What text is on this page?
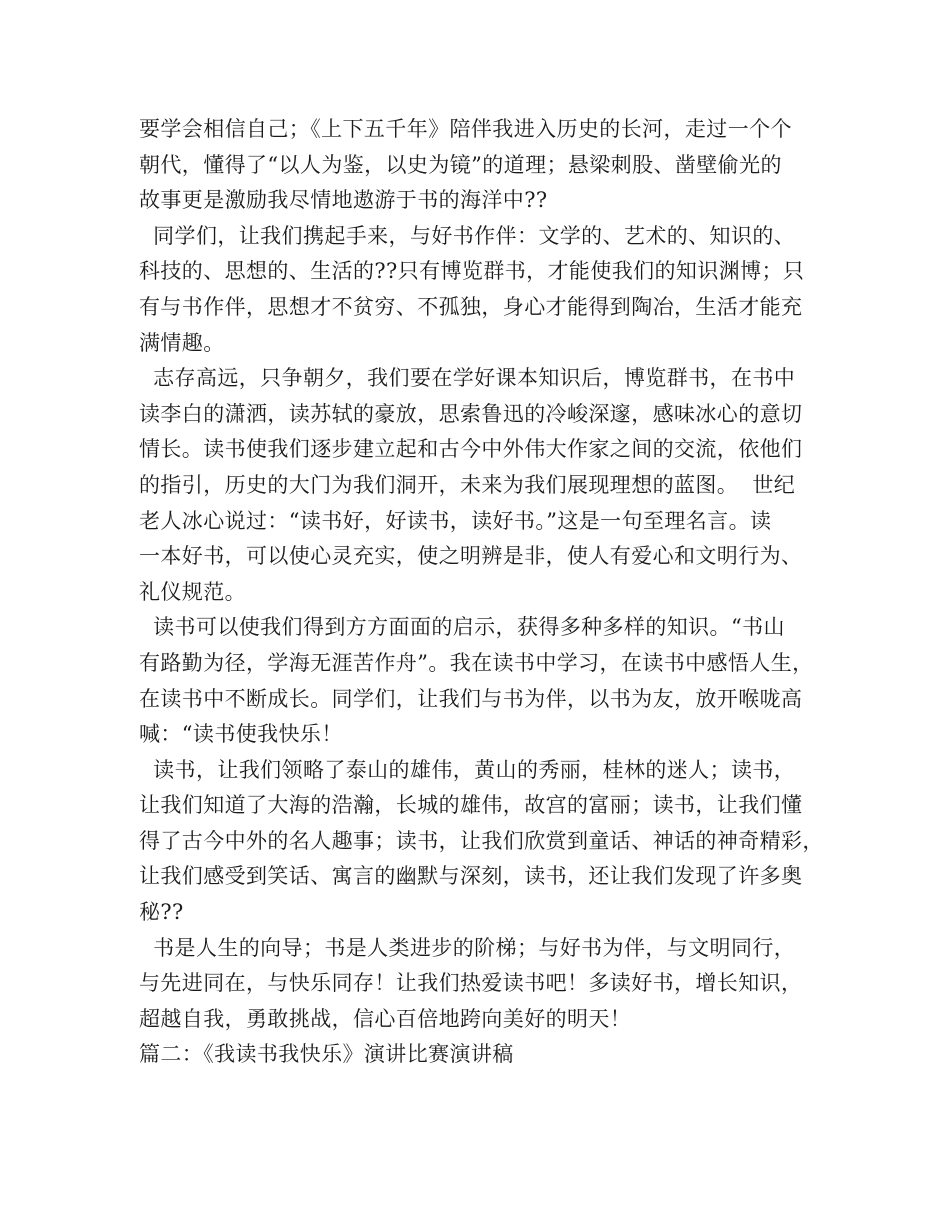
要学会相信自己；《上下五千年》陪伴我进入历史的长河，走过一个个
朝代，懂得了“以人为鉴，以史为镜”的道理；悬梁刺股、凿壁偷光的
故事更是激励我尽情地遨游于书的海洋中??
同学们，让我们携起手来，与好书作伴：文学的、艺术的、知识的、
科技的、思想的、生活的??只有博览群书，才能使我们的知识渊博；只
有与书作伴，思想才不贫穷、不孤独，身心才能得到陶冶，生活才能充
满情趣。
志存高远，只争朝夕，我们要在学好课本知识后，博览群书，在书中
读李白的潇洒，读苏轼的豪放，思索鲁迅的冷峻深邃，感味冰心的意切
情长。读书使我们逐步建立起和古今中外伟大作家之间的交流，依他们
的指引，历史的大门为我们洞开，未来为我们展现理想的蓝图。  世纪
老人冰心说过：“读书好，好读书，读好书。”这是一句至理名言。读
一本好书，可以使心灵充实，使之明辨是非，使人有爱心和文明行为、
礼仪规范。
读书可以使我们得到方方面面的启示，获得多种多样的知识。“书山
有路勤为径，学海无涯苦作舟”。我在读书中学习，在读书中感悟人生，
在读书中不断成长。同学们，让我们与书为伴，以书为友，放开喉咙高
喊：“读书使我快乐！
读书，让我们领略了泰山的雄伟，黄山的秀丽，桂林的迷人；读书，
让我们知道了大海的浩瀚，长城的雄伟，故宫的富丽；读书，让我们懂
得了古今中外的名人趣事；读书，让我们欣赏到童话、神话的神奇精彩，
让我们感受到笑话、寓言的幽默与深刻，读书，还让我们发现了许多奥
秘??
书是人生的向导；书是人类进步的阶梯；与好书为伴，与文明同行，
与先进同在，与快乐同存！让我们热爱读书吧！多读好书，增长知识，
超越自我，勇敢挑战，信心百倍地跨向美好的明天！
篇二：《我读书我快乐》演讲比赛演讲稿
